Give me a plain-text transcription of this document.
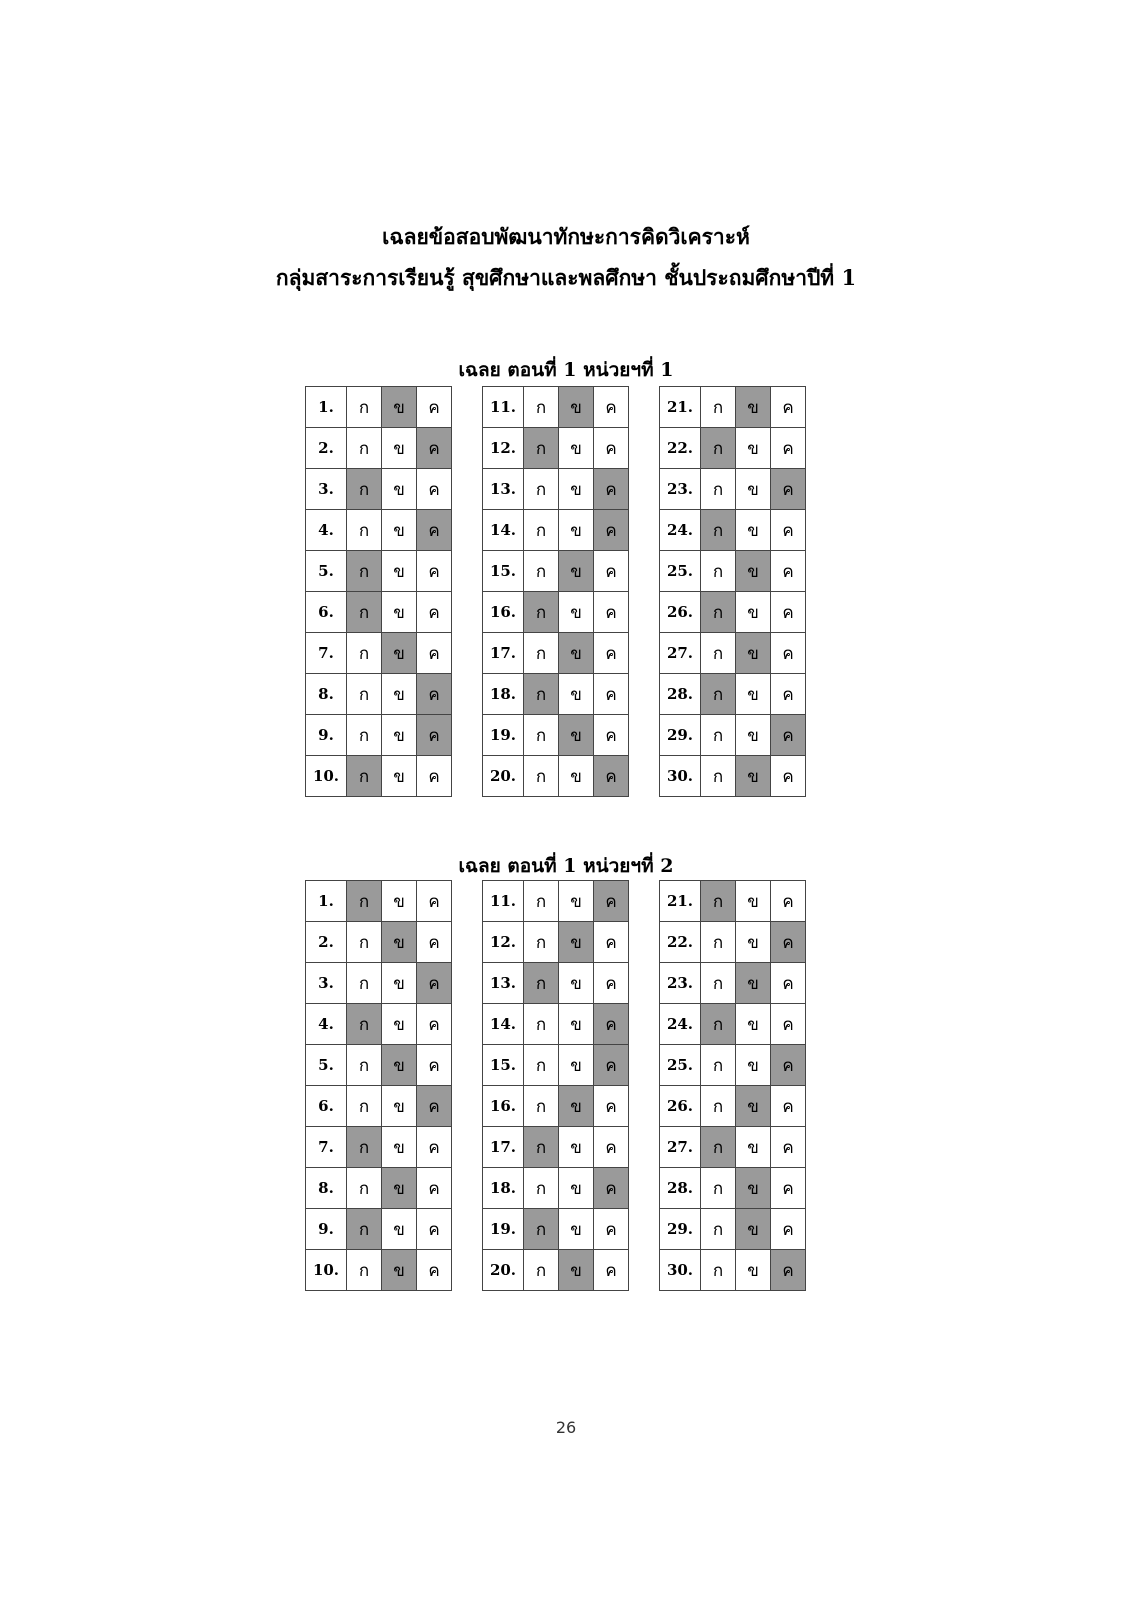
เฉลยข้อสอบพัฒนาทักษะการคิดวิเคราะห์
กลุ่มสาระการเรียนรู้ สุขศึกษาและพลศึกษา ชั้นประถมศึกษาปีที่ 1
เฉลย ตอนที่ 1 หน่วยฯที่ 1
1.	ก	ข	ค
2.	ก	ข	ค
3.	ก	ข	ค
4.	ก	ข	ค
5.	ก	ข	ค
6.	ก	ข	ค
7.	ก	ข	ค
8.	ก	ข	ค
9.	ก	ข	ค
10.	ก	ข	ค
11.	ก	ข	ค
12.	ก	ข	ค
13.	ก	ข	ค
14.	ก	ข	ค
15.	ก	ข	ค
16.	ก	ข	ค
17.	ก	ข	ค
18.	ก	ข	ค
19.	ก	ข	ค
20.	ก	ข	ค
21.	ก	ข	ค
22.	ก	ข	ค
23.	ก	ข	ค
24.	ก	ข	ค
25.	ก	ข	ค
26.	ก	ข	ค
27.	ก	ข	ค
28.	ก	ข	ค
29.	ก	ข	ค
30.	ก	ข	ค
เฉลย ตอนที่ 1 หน่วยฯที่ 2
1.	ก	ข	ค
2.	ก	ข	ค
3.	ก	ข	ค
4.	ก	ข	ค
5.	ก	ข	ค
6.	ก	ข	ค
7.	ก	ข	ค
8.	ก	ข	ค
9.	ก	ข	ค
10.	ก	ข	ค
11.	ก	ข	ค
12.	ก	ข	ค
13.	ก	ข	ค
14.	ก	ข	ค
15.	ก	ข	ค
16.	ก	ข	ค
17.	ก	ข	ค
18.	ก	ข	ค
19.	ก	ข	ค
20.	ก	ข	ค
21.	ก	ข	ค
22.	ก	ข	ค
23.	ก	ข	ค
24.	ก	ข	ค
25.	ก	ข	ค
26.	ก	ข	ค
27.	ก	ข	ค
28.	ก	ข	ค
29.	ก	ข	ค
30.	ก	ข	ค
26
